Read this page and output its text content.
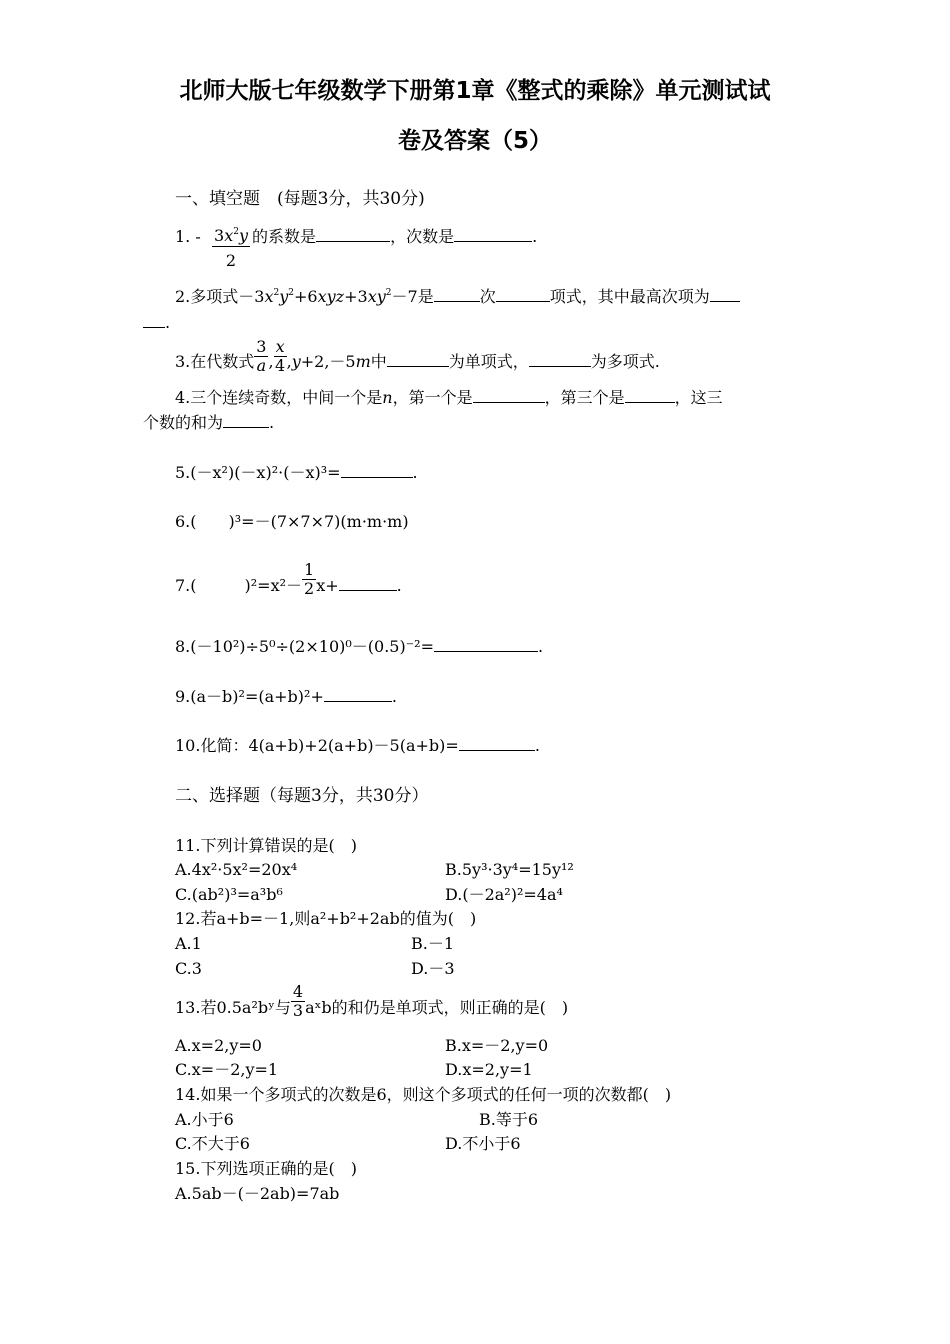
北师大版七年级数学下册第1章《整式的乘除》单元测试试
卷及答案（5）
一、填空题　(每题3分，共30分)
1. -	的系数是	，次数是	.
$3x^2y$
2
2.多项式$-3x^2y^2+6xyz+3xy^2-7$是	次	项式，其中最高次项为
.
3.在代数式 $\frac{3}{a}$ , $\frac{x}{4} ,y+2,-5m$中	为单项式，	为多项式.
4.三个连续奇数，中间一个是n，第一个是	，第三个是	，这三
个数的和为	.
5.(－x²)(－x)²·(－x)³=	.
6.(　　)³=－(7×7×7)(m·m·m)
7.(　　　)$^2=x^2- \frac{1}{2} x+$	.
8.(－10²)÷5⁰÷(2×10)⁰－(0.5)⁻²=	.
9.(a－b)²=(a+b)²+	.
10.化简：4(a+b)+2(a+b)－5(a+b)=	.
二、选择题（每题3分，共30分）
11.下列计算错误的是(　)
A.4x²·5x²=20x⁴	B.5y³·3y⁴=15y¹²
C.(ab²)³=a³b⁶	D.(－2a²)²=4a⁴
12.若a+b=－1,则a²+b²+2ab的值为(　)
A.1	B.－1
C.3	D.－3
13.若0.5a²bʸ与 $\frac{4}{3}$ aˣb的和仍是单项式，则正确的是(　)
A.x=2,y=0	B.x=－2,y=0
C.x=－2,y=1	D.x=2,y=1
14.如果一个多项式的次数是6，则这个多项式的任何一项的次数都(　)
A.小于6	B.等于6
C.不大于6	D.不小于6
15.下列选项正确的是(　)
A.5ab－(－2ab)=7ab
